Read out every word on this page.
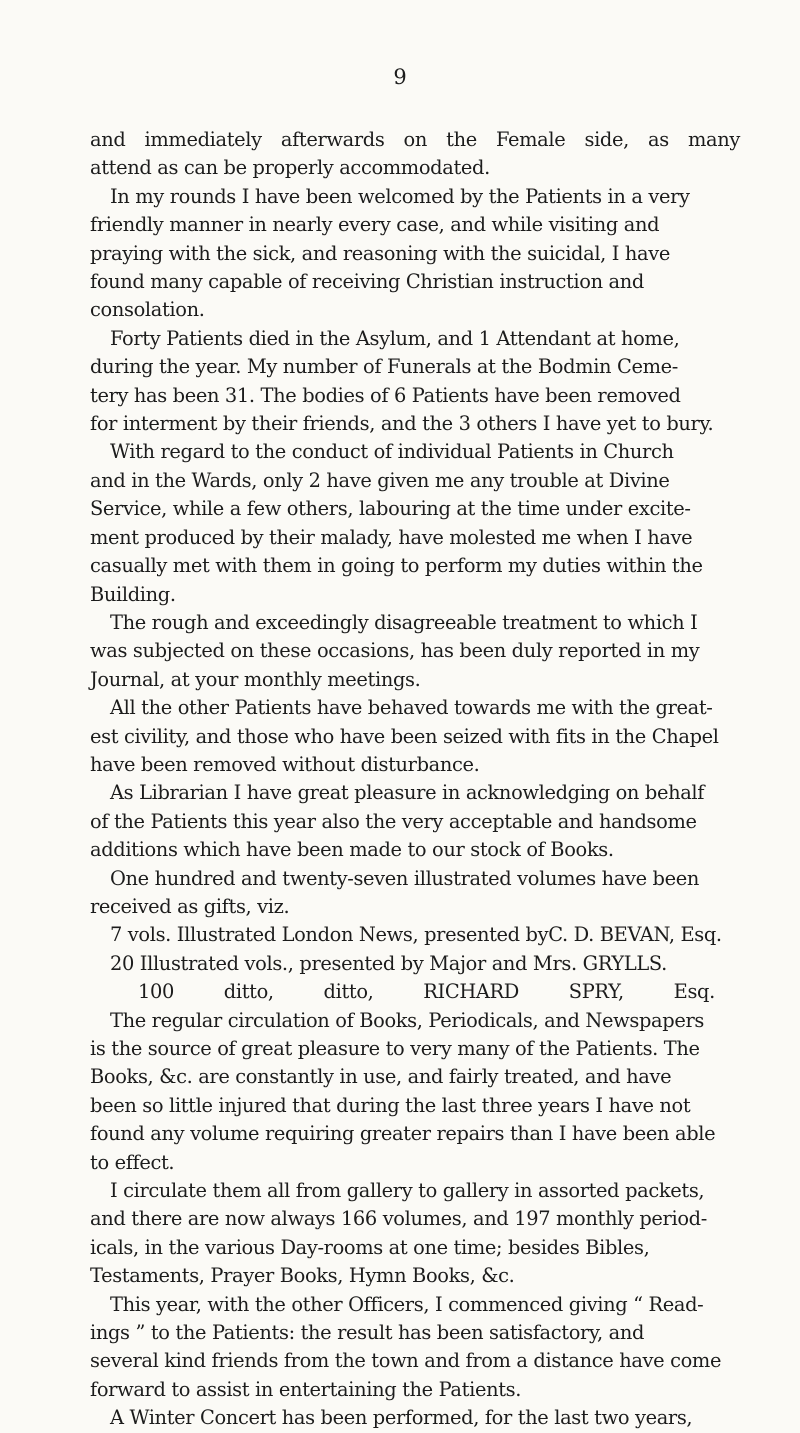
9
and immediately afterwards on the Female side, as many
attend as can be properly accommodated.
In my rounds I have been welcomed by the Patients in a very
friendly manner in nearly every case, and while visiting and
praying with the sick, and reasoning with the suicidal, I have
found many capable of receiving Christian instruction and
consolation.
Forty Patients died in the Asylum, and 1 Attendant at home,
during the year. My number of Funerals at the Bodmin Ceme-
tery has been 31. The bodies of 6 Patients have been removed
for interment by their friends, and the 3 others I have yet to bury.
With regard to the conduct of individual Patients in Church
and in the Wards, only 2 have given me any trouble at Divine
Service, while a few others, labouring at the time under excite-
ment produced by their malady, have molested me when I have
casually met with them in going to perform my duties within the
Building.
The rough and exceedingly disagreeable treatment to which I
was subjected on these occasions, has been duly reported in my
Journal, at your monthly meetings.
All the other Patients have behaved towards me with the great-
est civility, and those who have been seized with fits in the Chapel
have been removed without disturbance.
As Librarian I have great pleasure in acknowledging on behalf
of the Patients this year also the very acceptable and handsome
additions which have been made to our stock of Books.
One hundred and twenty-seven illustrated volumes have been
received as gifts, viz.
7 vols. Illustrated London News, presented byC. D. BEVAN, Esq.
20 Illustrated vols., presented by Major and Mrs. GRYLLS.
100 ditto, ditto, RICHARD SPRY, Esq.
The regular circulation of Books, Periodicals, and Newspapers
is the source of great pleasure to very many of the Patients. The
Books, &c. are constantly in use, and fairly treated, and have
been so little injured that during the last three years I have not
found any volume requiring greater repairs than I have been able
to effect.
I circulate them all from gallery to gallery in assorted packets,
and there are now always 166 volumes, and 197 monthly period-
icals, in the various Day-rooms at one time; besides Bibles,
Testaments, Prayer Books, Hymn Books, &c.
This year, with the other Officers, I commenced giving “ Read-
ings ” to the Patients: the result has been satisfactory, and
several kind friends from the town and from a distance have come
forward to assist in entertaining the Patients.
A Winter Concert has been performed, for the last two years,
